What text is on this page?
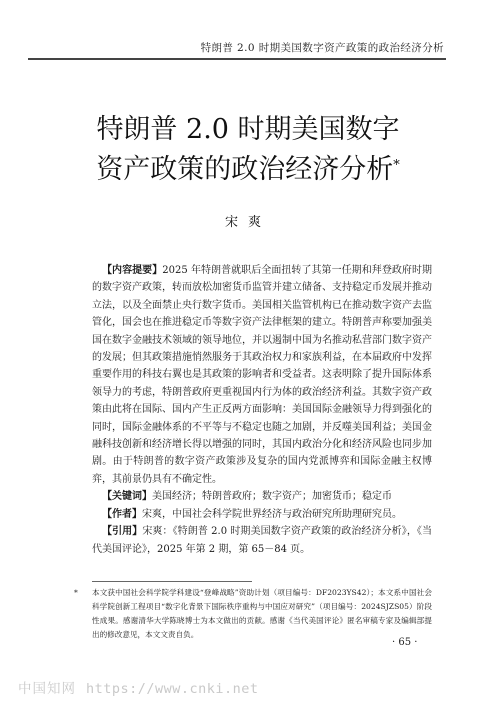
特朗普 2.0 时期美国数字资产政策的政治经济分析
特朗普 2.0 时期美国数字
资产政策的政治经济分析*
宋爽

【内容提要】2025 年特朗普就职后全面扭转了其第一任期和拜登政府时期的数字资产政策，转而放松加密货币监管并建立储备、支持稳定币发展并推动立法，以及全面禁止央行数字货币。美国相关监管机构已在推动数字资产去监管化，国会也在推进稳定币等数字资产法律框架的建立。特朗普声称要加强美国在数字金融技术领域的领导地位，并以遏制中国为名推动私营部门数字资产的发展；但其政策措施悄然服务于其政治权力和家族利益，在本届政府中发挥重要作用的科技右翼也是其政策的影响者和受益者。这表明除了提升国际体系领导力的考虑，特朗普政府更重视国内行为体的政治经济利益。其数字资产政策由此将在国际、国内产生正反两方面影响：美国国际金融领导力得到强化的同时，国际金融体系的不平等与不稳定也随之加剧，并反噬美国利益；美国金融科技创新和经济增长得以增强的同时，其国内政治分化和经济风险也同步加剧。由于特朗普的数字资产政策涉及复杂的国内党派博弈和国际金融主权博弈，其前景仍具有不确定性。

【关键词】美国经济；特朗普政府；数字资产；加密货币；稳定币

【作者】宋爽，中国社会科学院世界经济与政治研究所助理研究员。

【引用】宋爽：《特朗普 2.0 时期美国数字资产政策的政治经济分析》，《当代美国评论》，2025 年第 2 期，第 65－84 页。

* 本文获中国社会科学院学科建设“登峰战略”资助计划（项目编号：DF2023YS42）；本文系中国社会科学院创新工程项目“数字化背景下国际秩序重构与中国应对研究”（项目编号：2024SJZS05）阶段性成果。感谢清华大学陈晓博士为本文做出的贡献。感谢《当代美国评论》匿名审稿专家及编辑部提出的修改意见，本文文责自负。
· 65 ·
中国知网 https://www.cnki.net
